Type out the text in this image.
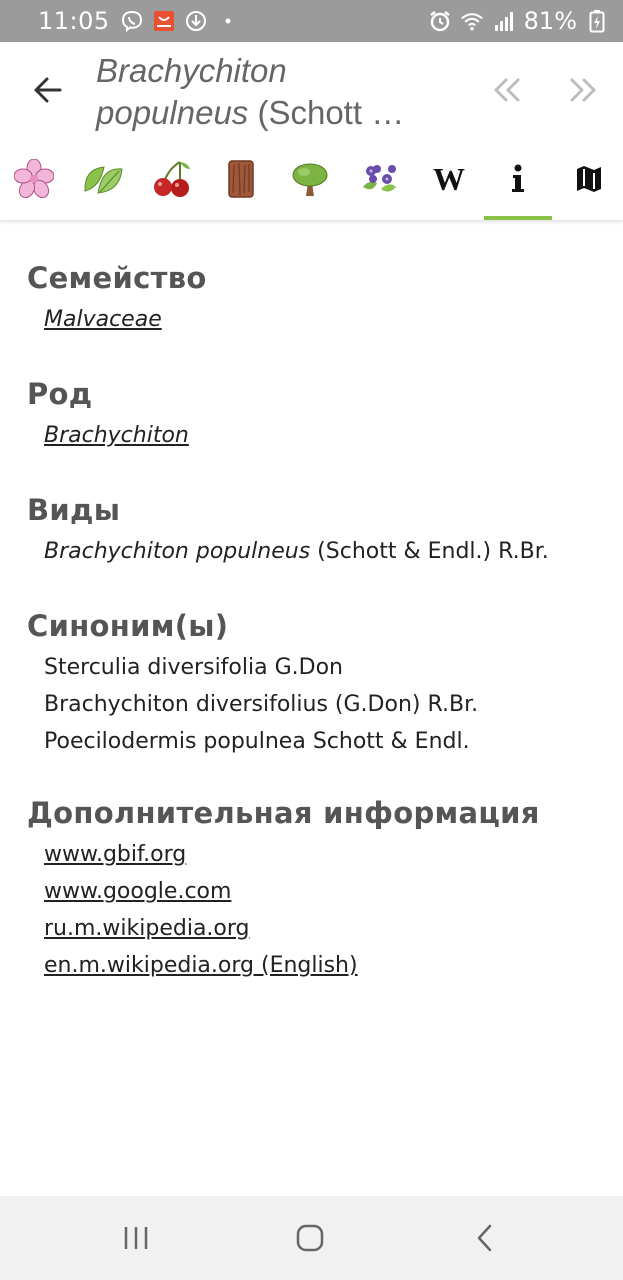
11:05	81%
Brachychiton
populneus (Schott …
W
Семейство
Malvaceae
Род
Brachychiton
Виды
Brachychiton populneus (Schott & Endl.) R.Br.
Синоним(ы)
Sterculia diversifolia G.Don
Brachychiton diversifolius (G.Don) R.Br.
Poecilodermis populnea Schott & Endl.
Дополнительная информация
www.gbif.org
www.google.com
ru.m.wikipedia.org
en.m.wikipedia.org (English)
